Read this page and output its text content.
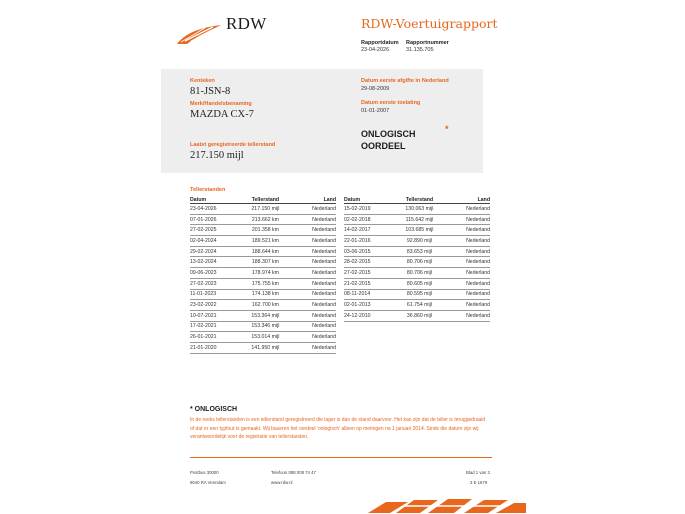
RDW	RDW-Voertuigrapport
Rapportdatum
23-04-2026
Rapportnummer
31.135.705
Kenteken
81-JSN-8
Merk/Handelsbenaming
MAZDA CX-7
Laatst geregistreerde tellerstand
217.150 mijl
Datum eerste afgifte in Nederland
29-08-2009
Datum eerste toelating
01-01-2007
ONLOGISCH
OORDEEL
*
Tellerstanden
Datum	Tellerstand	Land
23-04-2026	217.150 mijl	Nederland
07-01-2026	213.662 km	Nederland
27-02-2025	201.358 km	Nederland
02-04-2024	189.521 km	Nederland
29-02-2024	188.644 km	Nederland
13-02-2024	188.307 km	Nederland
09-06-2023	178.974 km	Nederland
27-02-2023	175.755 km	Nederland
11-01-2023	174.138 km	Nederland
23-02-2022	162.700 km	Nederland
10-07-2021	153.364 mijl	Nederland
17-02-2021	153.346 mijl	Nederland
26-01-2021	153.014 mijl	Nederland
21-01-2020	141.950 mijl	Nederland
Datum	Tellerstand	Land
15-02-2019	130.063 mijl	Nederland
02-02-2018	115.642 mijl	Nederland
14-02-2017	103.685 mijl	Nederland
22-01-2016	92.890 mijl	Nederland
03-06-2015	83.653 mijl	Nederland
28-02-2015	80.706 mijl	Nederland
27-02-2015	80.706 mijl	Nederland
21-02-2015	80.605 mijl	Nederland
08-11-2014	80.595 mijl	Nederland
02-01-2013	61.754 mijl	Nederland
24-12-2010	36.860 mijl	Nederland
* ONLOGISCH
In de reeks tellerstanden is een tellerstand geregistreerd die lager is dan de stand daarvoor. Het kan zijn dat de teller is teruggedraaid of dat er een typfout is gemaakt. Wij baseren het oordeel 'onlogisch' alleen op metingen na 1 januari 2014. Sinds die datum zijn wij verantwoordelijk voor de registratie van tellerstanden.
Postbus 30000
9640 RA Veendam
Telefoon 088 008 74 47
www.rdw.nl
Blad 1 van 3
3 E 1679
